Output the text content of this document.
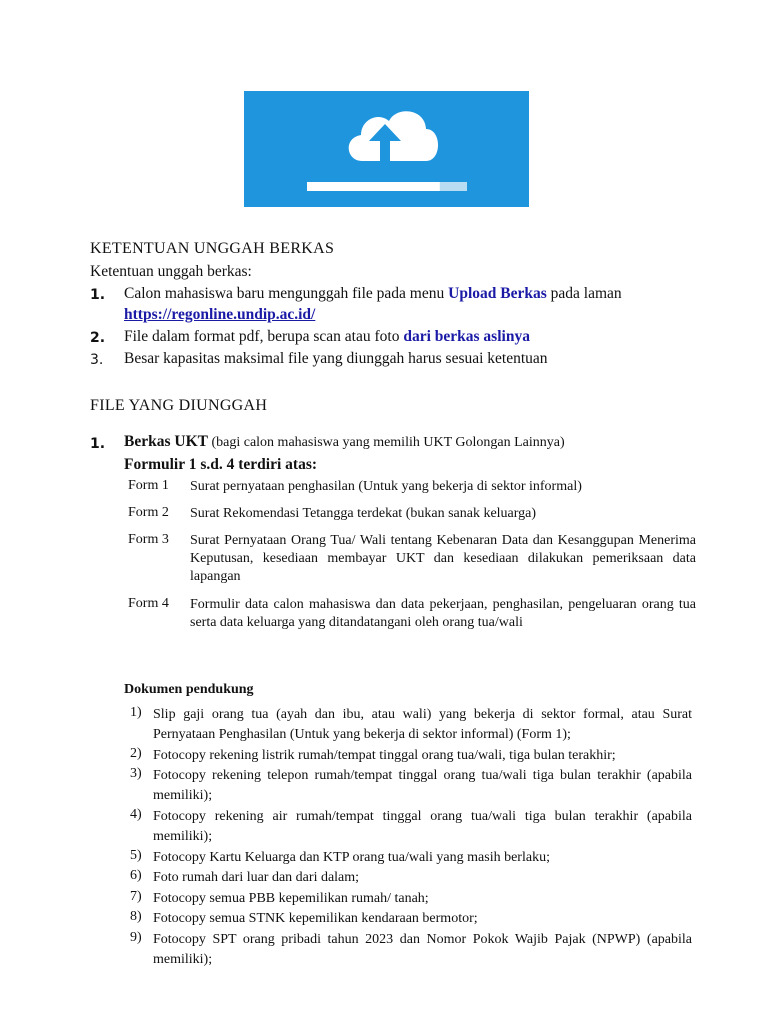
KETENTUAN UNGGAH BERKAS
Ketentuan unggah berkas:
1. Calon mahasiswa baru mengunggah file pada menu Upload Berkas pada laman
https://regonline.undip.ac.id/
2. File dalam format pdf, berupa scan atau foto dari berkas aslinya
3. Besar kapasitas maksimal file yang diunggah harus sesuai ketentuan
FILE YANG DIUNGGAH
1. Berkas UKT (bagi calon mahasiswa yang memilih UKT Golongan Lainnya)
Formulir 1 s.d. 4 terdiri atas:
Form 1 Surat pernyataan penghasilan (Untuk yang bekerja di sektor informal)
Form 2 Surat Rekomendasi Tetangga terdekat (bukan sanak keluarga)
Form 3 Surat Pernyataan Orang Tua/ Wali tentang Kebenaran Data dan Kesanggupan Menerima Keputusan, kesediaan membayar UKT dan kesediaan dilakukan pemeriksaan data lapangan
Form 4 Formulir data calon mahasiswa dan data pekerjaan, penghasilan, pengeluaran orang tua serta data keluarga yang ditandatangani oleh orang tua/wali
Dokumen pendukung
1) Slip gaji orang tua (ayah dan ibu, atau wali) yang bekerja di sektor formal, atau Surat Pernyataan Penghasilan (Untuk yang bekerja di sektor informal) (Form 1);
2) Fotocopy rekening listrik rumah/tempat tinggal orang tua/wali, tiga bulan terakhir;
3) Fotocopy rekening telepon rumah/tempat tinggal orang tua/wali tiga bulan terakhir (apabila memiliki);
4) Fotocopy rekening air rumah/tempat tinggal orang tua/wali tiga bulan terakhir (apabila memiliki);
5) Fotocopy Kartu Keluarga dan KTP orang tua/wali yang masih berlaku;
6) Foto rumah dari luar dan dari dalam;
7) Fotocopy semua PBB kepemilikan rumah/ tanah;
8) Fotocopy semua STNK kepemilikan kendaraan bermotor;
9) Fotocopy SPT orang pribadi tahun 2023 dan Nomor Pokok Wajib Pajak (NPWP) (apabila memiliki);
